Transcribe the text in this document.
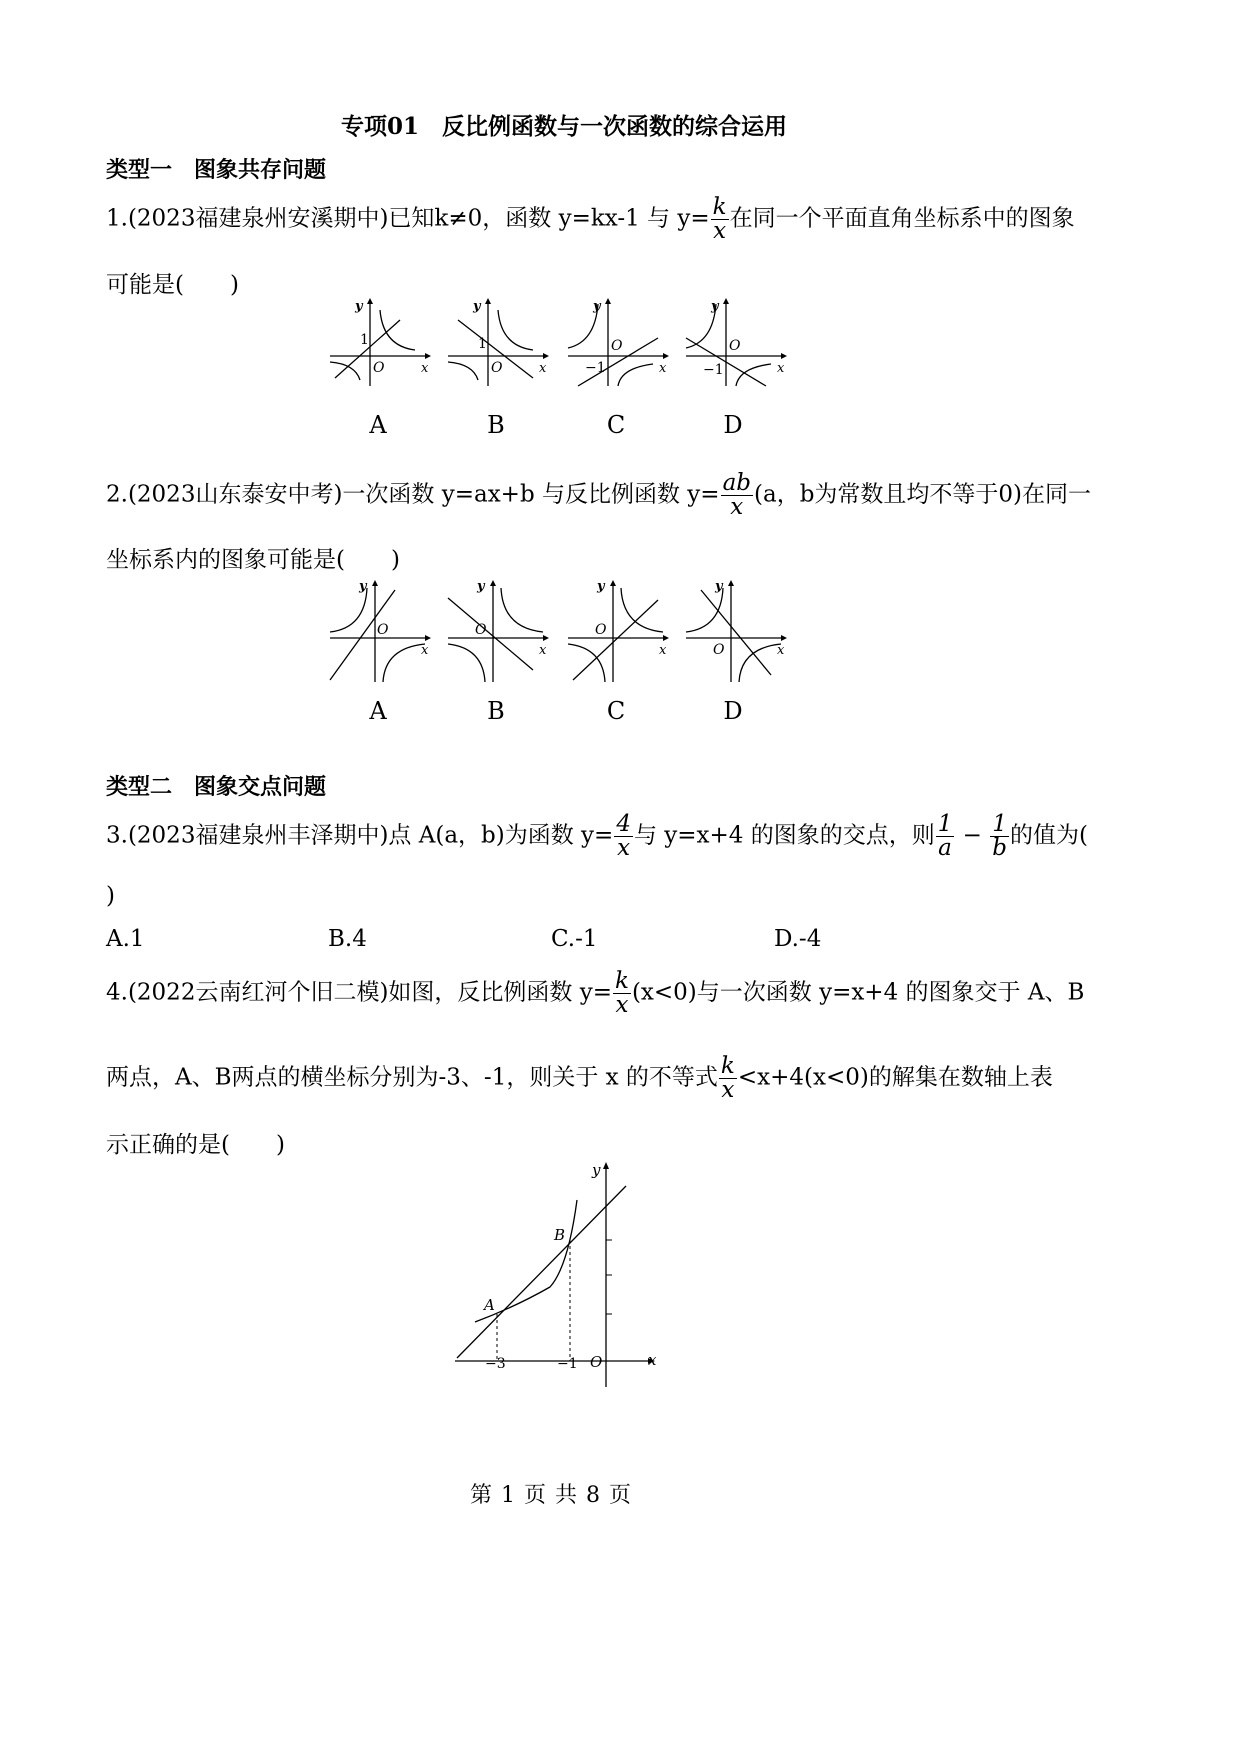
专项01　反比例函数与一次函数的综合运用
类型一　图象共存问题
1.(2023福建泉州安溪期中)已知k≠0，函数 y=kx-1 与 $y= \frac{k}{x}$ 在同一个平面直角坐标系中的图象
可能是(　　)
y
x
O
1
y
x
O
1
y
x
O
−1
y
x
O
−1
A	B	C	D
2.(2023山东泰安中考)一次函数 y=ax+b 与反比例函数 $y= \frac{ab}{x} (a$，b为常数且均不等于0)在同一
坐标系内的图象可能是(　　)
y
x
O
y
x
O
y
x
O
y
x
O
A	B	C	D
类型二　图象交点问题
3.(2023福建泉州丰泽期中)点 A(a，b)为函数 $y= \frac{4}{x}$ 与 y=x+4 的图象的交点，则 $\frac{1}{a} - \frac{1}{b}$ 的值为(
)
A.1	B.4	C.-1	D.-4
4.(2022云南红河个旧二模)如图，反比例函数 $y= \frac{k}{x} (x<0)$与一次函数 y=x+4 的图象交于 A、B
两点，A、B两点的横坐标分别为-3、-1，则关于 x 的不等式 $\frac{k}{x} <x+4(x<0)$的解集在数轴上表
示正确的是(　　)
y
x
O
A
B
−3	−1
第 1 页 共 8 页
